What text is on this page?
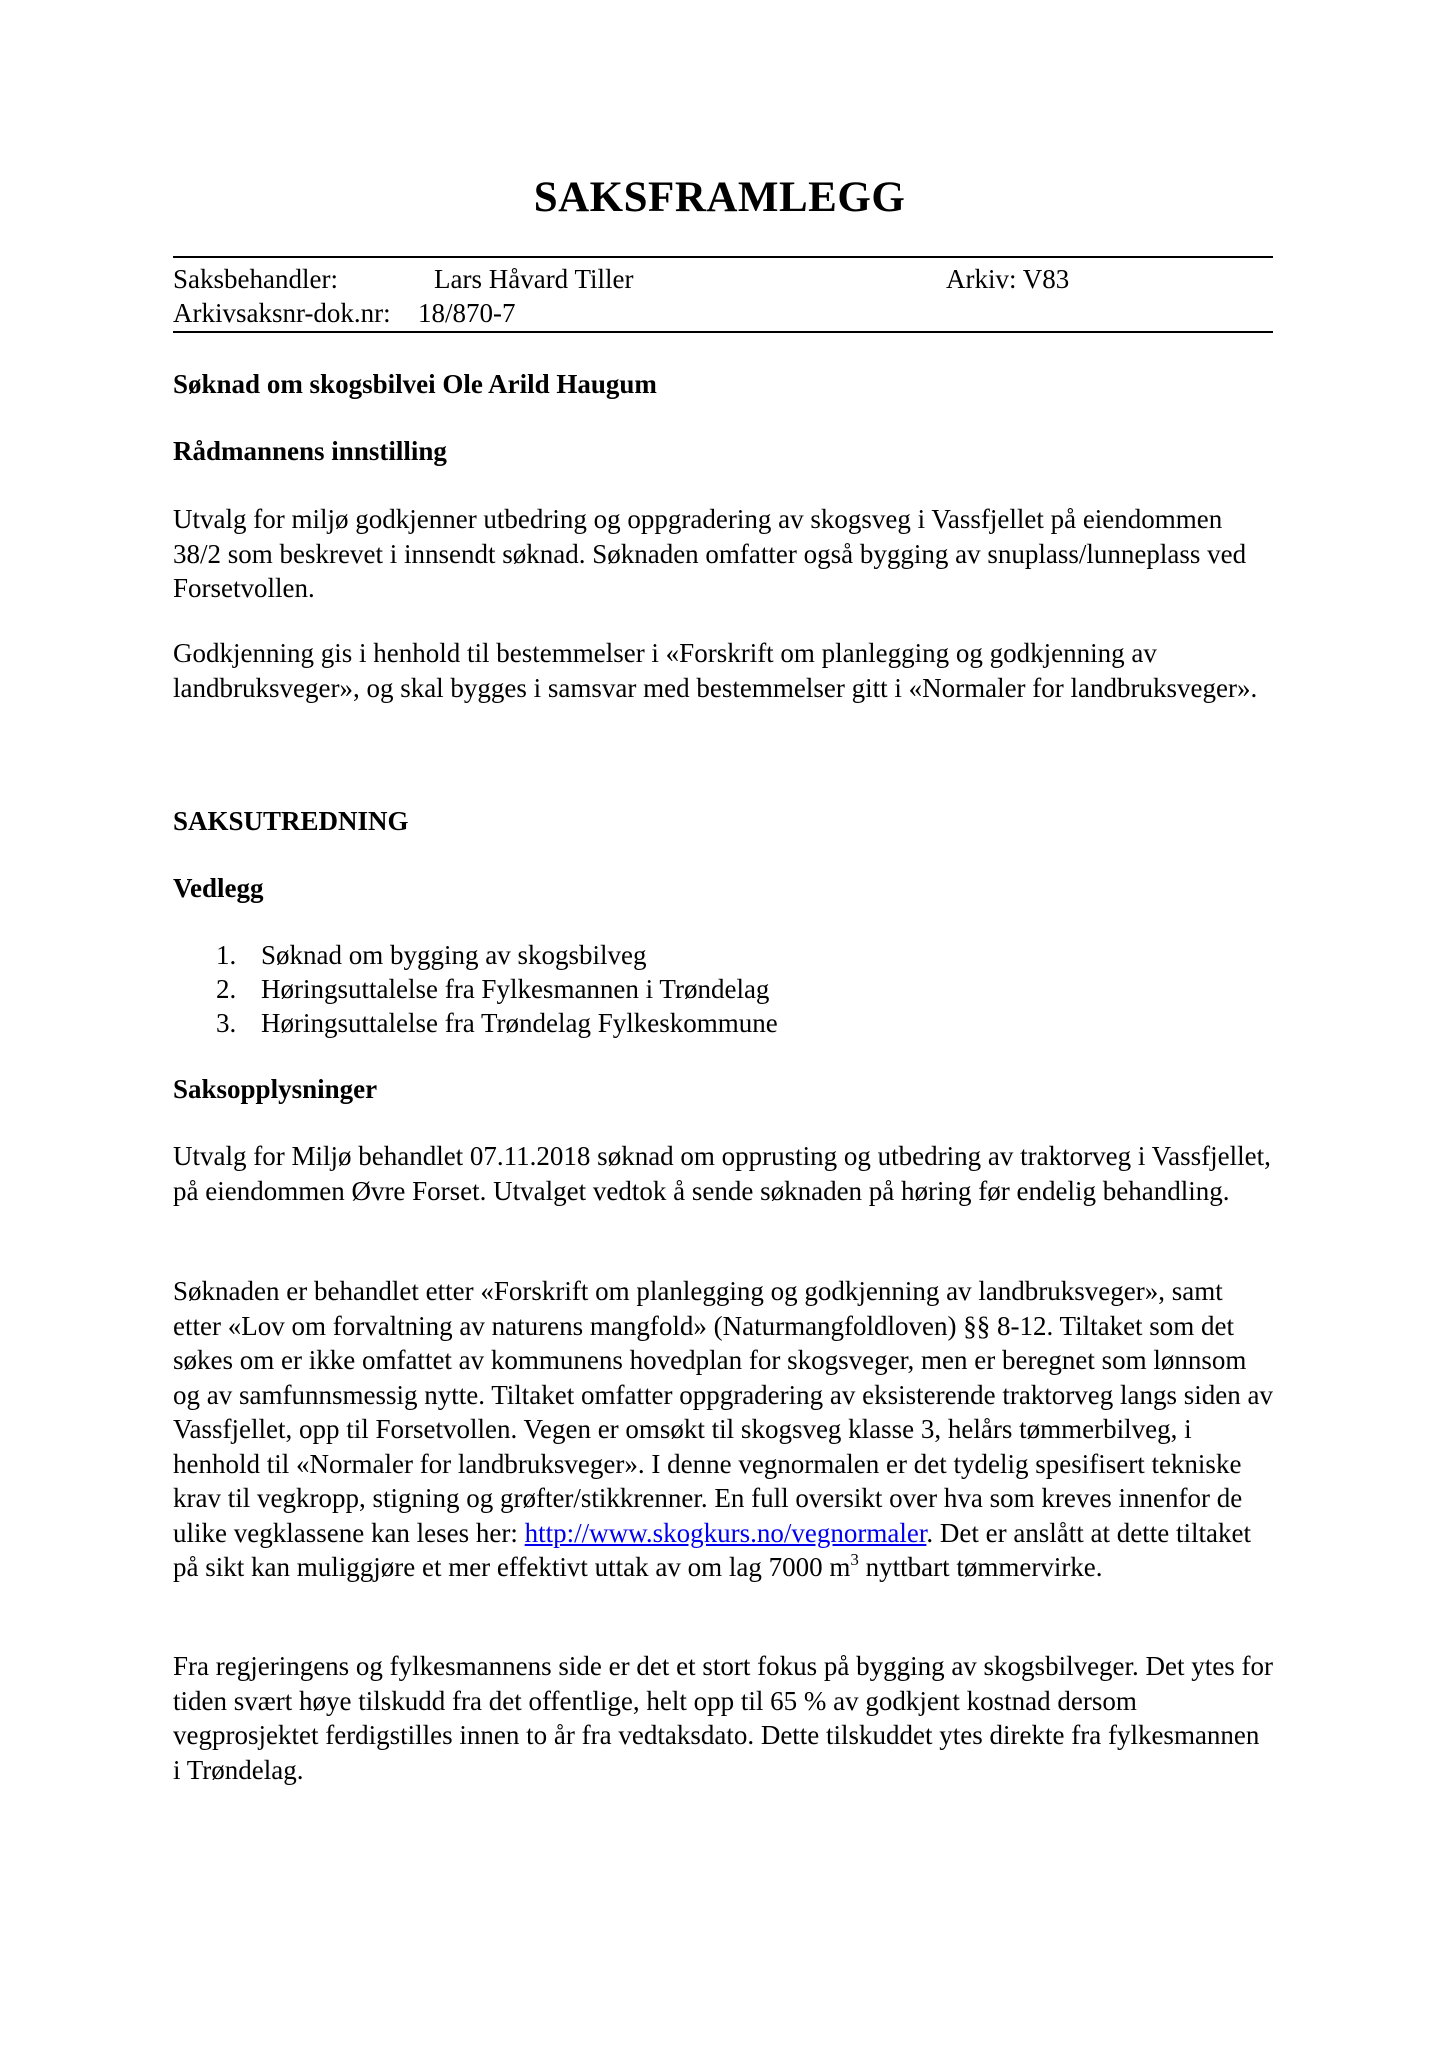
SAKSFRAMLEGG
Saksbehandler:	Lars Håvard Tiller	Arkiv: V83
Arkivsaksnr-dok.nr: 18/870-7
Søknad om skogsbilvei Ole Arild Haugum
Rådmannens innstilling
Utvalg for miljø godkjenner utbedring og oppgradering av skogsveg i Vassfjellet på eiendommen 38/2 som beskrevet i innsendt søknad. Søknaden omfatter også bygging av snuplass/lunneplass ved Forsetvollen.
Godkjenning gis i henhold til bestemmelser i «Forskrift om planlegging og godkjenning av landbruksveger», og skal bygges i samsvar med bestemmelser gitt i «Normaler for landbruksveger».
SAKSUTREDNING
Vedlegg
1. Søknad om bygging av skogsbilveg
2. Høringsuttalelse fra Fylkesmannen i Trøndelag
3. Høringsuttalelse fra Trøndelag Fylkeskommune
Saksopplysninger
Utvalg for Miljø behandlet 07.11.2018 søknad om opprusting og utbedring av traktorveg i Vassfjellet, på eiendommen Øvre Forset. Utvalget vedtok å sende søknaden på høring før endelig behandling.
Søknaden er behandlet etter «Forskrift om planlegging og godkjenning av landbruksveger», samt etter «Lov om forvaltning av naturens mangfold» (Naturmangfoldloven) §§ 8-12. Tiltaket som det søkes om er ikke omfattet av kommunens hovedplan for skogsveger, men er beregnet som lønnsom og av samfunnsmessig nytte. Tiltaket omfatter oppgradering av eksisterende traktorveg langs siden av Vassfjellet, opp til Forsetvollen. Vegen er omsøkt til skogsveg klasse 3, helårs tømmerbilveg, i henhold til «Normaler for landbruksveger». I denne vegnormalen er det tydelig spesifisert tekniske krav til vegkropp, stigning og grøfter/stikkrenner. En full oversikt over hva som kreves innenfor de ulike vegklassene kan leses her: http://www.skogkurs.no/vegnormaler. Det er anslått at dette tiltaket på sikt kan muliggjøre et mer effektivt uttak av om lag 7000 $m^3$ nyttbart tømmervirke.
Fra regjeringens og fylkesmannens side er det et stort fokus på bygging av skogsbilveger. Det ytes for tiden svært høye tilskudd fra det offentlige, helt opp til 65 % av godkjent kostnad dersom vegprosjektet ferdigstilles innen to år fra vedtaksdato. Dette tilskuddet ytes direkte fra fylkesmannen i Trøndelag.
